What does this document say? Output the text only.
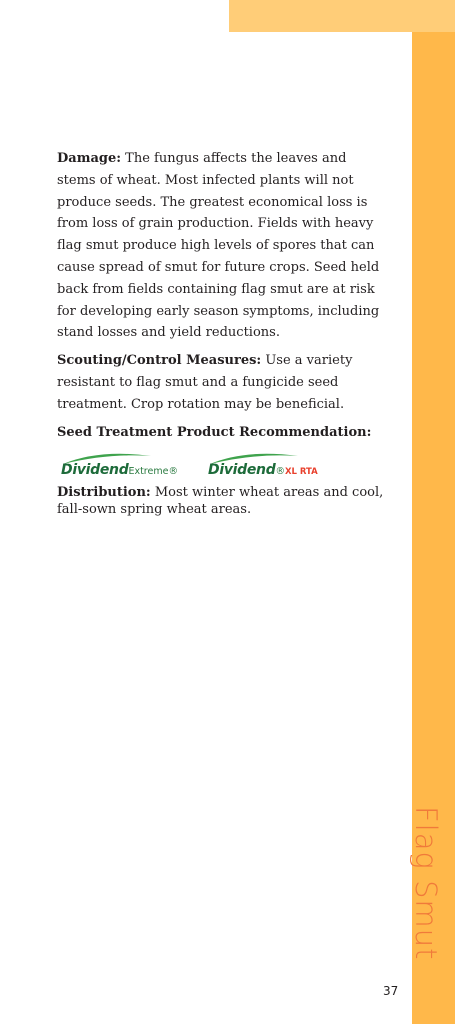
Flag Smut

Damage: The fungus affects the leaves and stems of wheat. Most infected plants will not produce seeds. The greatest economical loss is from loss of grain production. Fields with heavy flag smut produce high levels of spores that can cause spread of smut for future crops. Seed held back from fields containing flag smut are at risk for developing early season symptoms, including stand losses and yield reductions.

Scouting/Control Measures: Use a variety resistant to flag smut and a fungicide seed treatment. Crop rotation may be beneficial.

Seed Treatment Product Recommendation:

DividendExtreme® Dividend®XL RTA

Distribution: Most winter wheat areas and cool, fall-sown spring wheat areas.

37
